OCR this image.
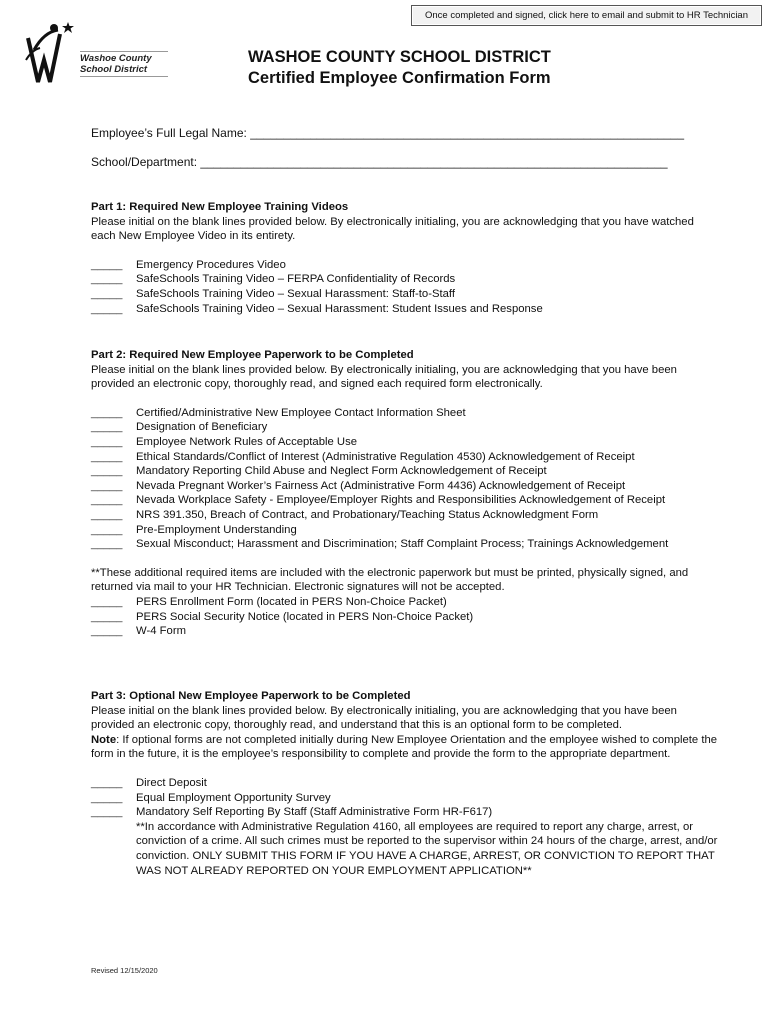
Once completed and signed, click here to email and submit to HR Technician
Washoe County
School District
WASHOE COUNTY SCHOOL DISTRICT
Certified Employee Confirmation Form
Employee’s Full Legal Name: _________________________________________________________________
School/Department: ______________________________________________________________________

Part 1: Required New Employee Training Videos

Please initial on the blank lines provided below. By electronically initialing, you are acknowledging that you have watched each New Employee Video in its entirety.

_____	Emergency Procedures Video
_____	SafeSchools Training Video – FERPA Confidentiality of Records
_____	SafeSchools Training Video – Sexual Harassment: Staff-to-Staff
_____	SafeSchools Training Video – Sexual Harassment: Student Issues and Response

Part 2: Required New Employee Paperwork to be Completed

Please initial on the blank lines provided below. By electronically initialing, you are acknowledging that you have been provided an electronic copy, thoroughly read, and signed each required form electronically.

_____	Certified/Administrative New Employee Contact Information Sheet
_____	Designation of Beneficiary
_____	Employee Network Rules of Acceptable Use
_____	Ethical Standards/Conflict of Interest (Administrative Regulation 4530) Acknowledgement of Receipt
_____	Mandatory Reporting Child Abuse and Neglect Form Acknowledgement of Receipt
_____	Nevada Pregnant Worker’s Fairness Act (Administrative Form 4436) Acknowledgement of Receipt
_____	Nevada Workplace Safety - Employee/Employer Rights and Responsibilities Acknowledgement of Receipt
_____	NRS 391.350, Breach of Contract, and Probationary/Teaching Status Acknowledgment Form
_____	Pre-Employment Understanding
_____	Sexual Misconduct; Harassment and Discrimination; Staff Complaint Process; Trainings Acknowledgement

**These additional required items are included with the electronic paperwork but must be printed, physically signed, and returned via mail to your HR Technician. Electronic signatures will not be accepted.

_____	PERS Enrollment Form (located in PERS Non-Choice Packet)
_____	PERS Social Security Notice (located in PERS Non-Choice Packet)
_____	W-4 Form

Part 3: Optional New Employee Paperwork to be Completed

Please initial on the blank lines provided below. By electronically initialing, you are acknowledging that you have been provided an electronic copy, thoroughly read, and understand that this is an optional form to be completed.

Note: If optional forms are not completed initially during New Employee Orientation and the employee wished to complete the form in the future, it is the employee’s responsibility to complete and provide the form to the appropriate department.

_____	Direct Deposit
_____	Equal Employment Opportunity Survey
_____	Mandatory Self Reporting By Staff (Staff Administrative Form HR-F617)
**In accordance with Administrative Regulation 4160, all employees are required to report any charge, arrest, or conviction of a crime. All such crimes must be reported to the supervisor within 24 hours of the charge, arrest, and/or conviction. ONLY SUBMIT THIS FORM IF YOU HAVE A CHARGE, ARREST, OR CONVICTION TO REPORT THAT WAS NOT ALREADY REPORTED ON YOUR EMPLOYMENT APPLICATION**
Revised 12/15/2020
